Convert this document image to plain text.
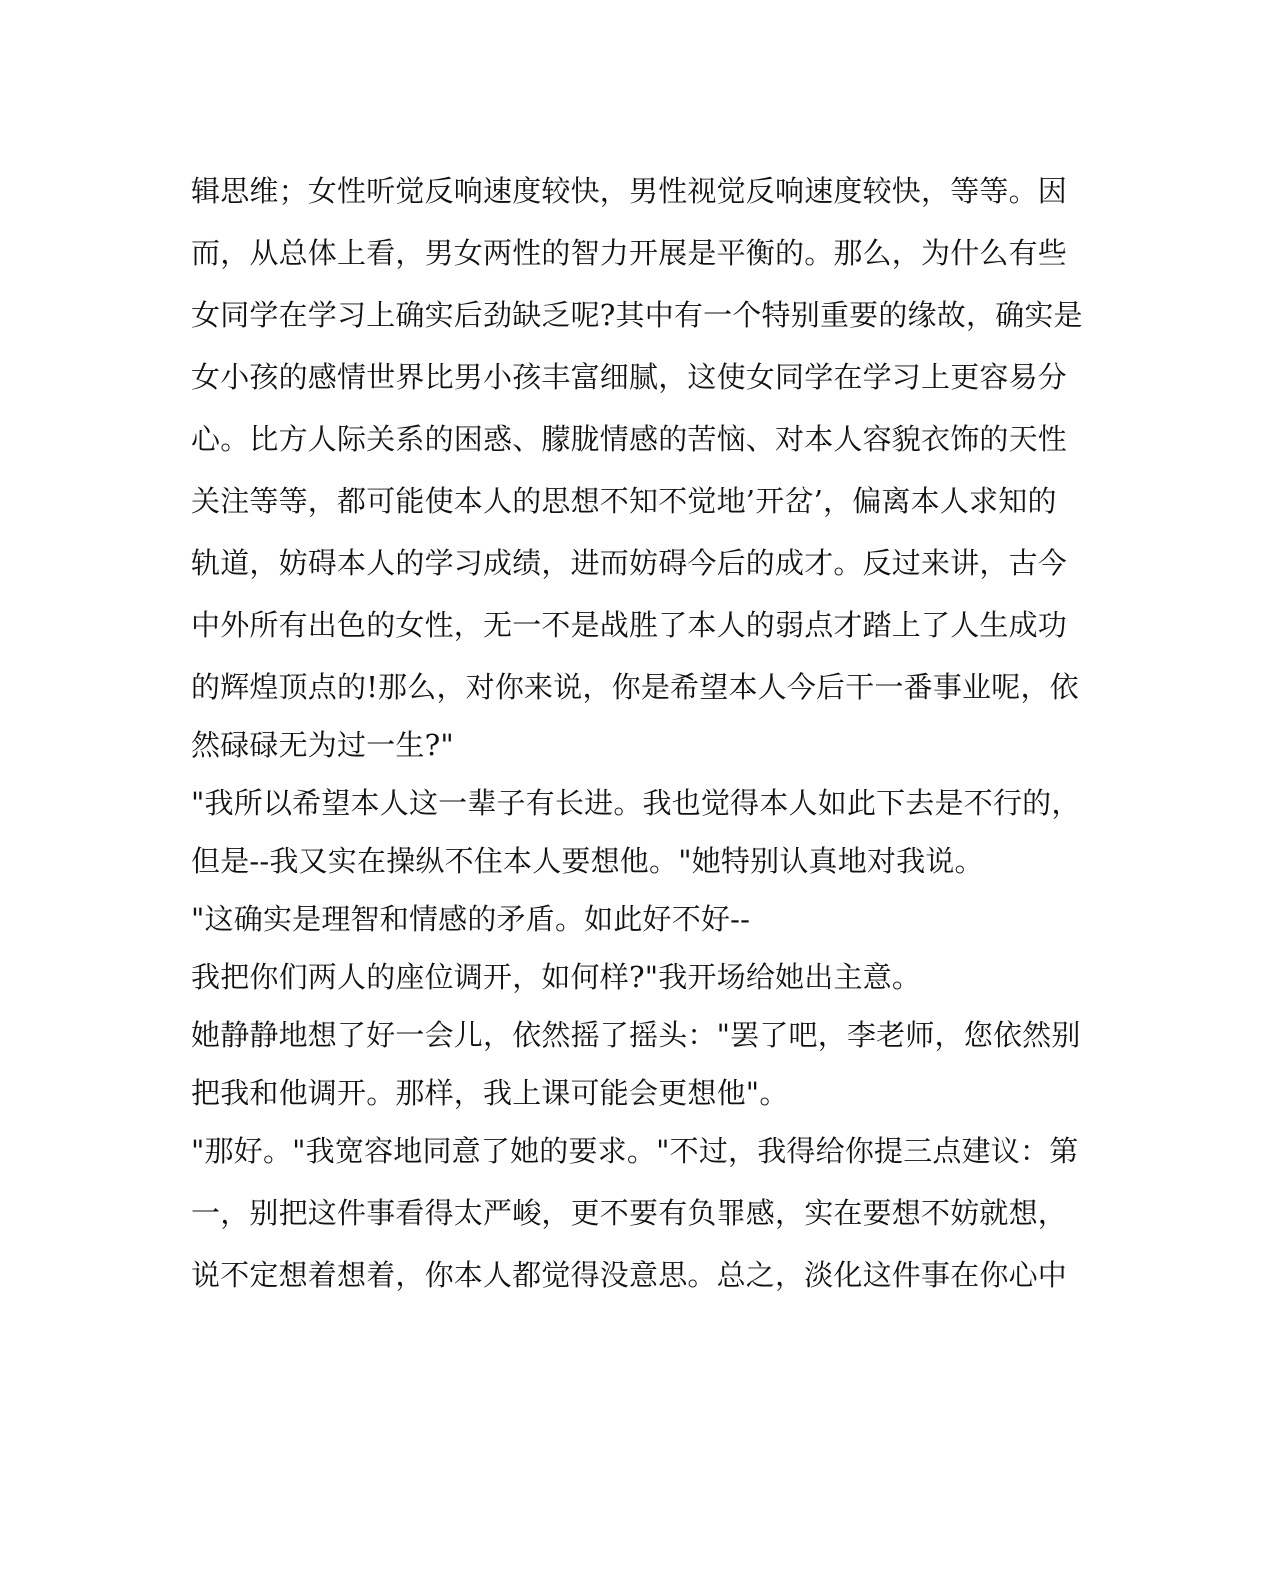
辑思维；女性听觉反响速度较快，男性视觉反响速度较快，等等。因
而，从总体上看，男女两性的智力开展是平衡的。那么，为什么有些
女同学在学习上确实后劲缺乏呢?其中有一个特别重要的缘故，确实是
女小孩的感情世界比男小孩丰富细腻，这使女同学在学习上更容易分
心。比方人际关系的困惑、朦胧情感的苦恼、对本人容貌衣饰的天性
关注等等，都可能使本人的思想不知不觉地’开岔’，偏离本人求知的
轨道，妨碍本人的学习成绩，进而妨碍今后的成才。反过来讲，古今
中外所有出色的女性，无一不是战胜了本人的弱点才踏上了人生成功
的辉煌顶点的!那么，对你来说，你是希望本人今后干一番事业呢，依
然碌碌无为过一生?"
"我所以希望本人这一辈子有长进。我也觉得本人如此下去是不行的，
但是--我又实在操纵不住本人要想他。"她特别认真地对我说。
"这确实是理智和情感的矛盾。如此好不好--
我把你们两人的座位调开，如何样?"我开场给她出主意。
她静静地想了好一会儿，依然摇了摇头："罢了吧，李老师，您依然别
把我和他调开。那样，我上课可能会更想他"。
"那好。"我宽容地同意了她的要求。"不过，我得给你提三点建议：第
一，别把这件事看得太严峻，更不要有负罪感，实在要想不妨就想，
说不定想着想着，你本人都觉得没意思。总之，淡化这件事在你心中
